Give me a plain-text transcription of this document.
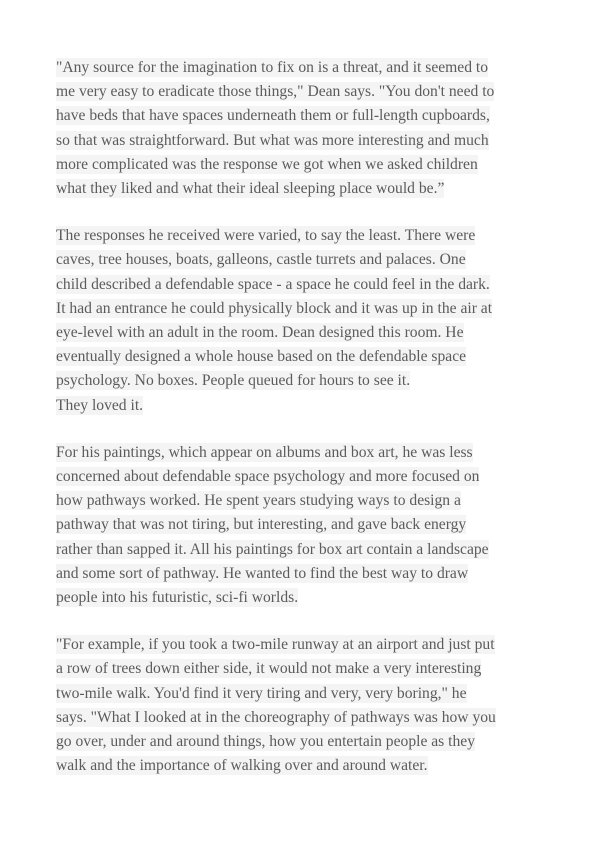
"Any source for the imagination to fix on is a threat, and it seemed to
me very easy to eradicate those things," Dean says. "You don't need to
have beds that have spaces underneath them or full-length cupboards,
so that was straightforward. But what was more interesting and much
more complicated was the response we got when we asked children
what they liked and what their ideal sleeping place would be.”

The responses he received were varied, to say the least. There were
caves, tree houses, boats, galleons, castle turrets and palaces. One
child described a defendable space - a space he could feel in the dark.
It had an entrance he could physically block and it was up in the air at
eye-level with an adult in the room. Dean designed this room. He
eventually designed a whole house based on the defendable space
psychology. No boxes. People queued for hours to see it.
They loved it.

For his paintings, which appear on albums and box art, he was less
concerned about defendable space psychology and more focused on
how pathways worked. He spent years studying ways to design a
pathway that was not tiring, but interesting, and gave back energy
rather than sapped it. All his paintings for box art contain a landscape
and some sort of pathway. He wanted to find the best way to draw
people into his futuristic, sci-fi worlds.

"For example, if you took a two-mile runway at an airport and just put
a row of trees down either side, it would not make a very interesting
two-mile walk. You'd find it very tiring and very, very boring," he
says. "What I looked at in the choreography of pathways was how you
go over, under and around things, how you entertain people as they
walk and the importance of walking over and around water.
